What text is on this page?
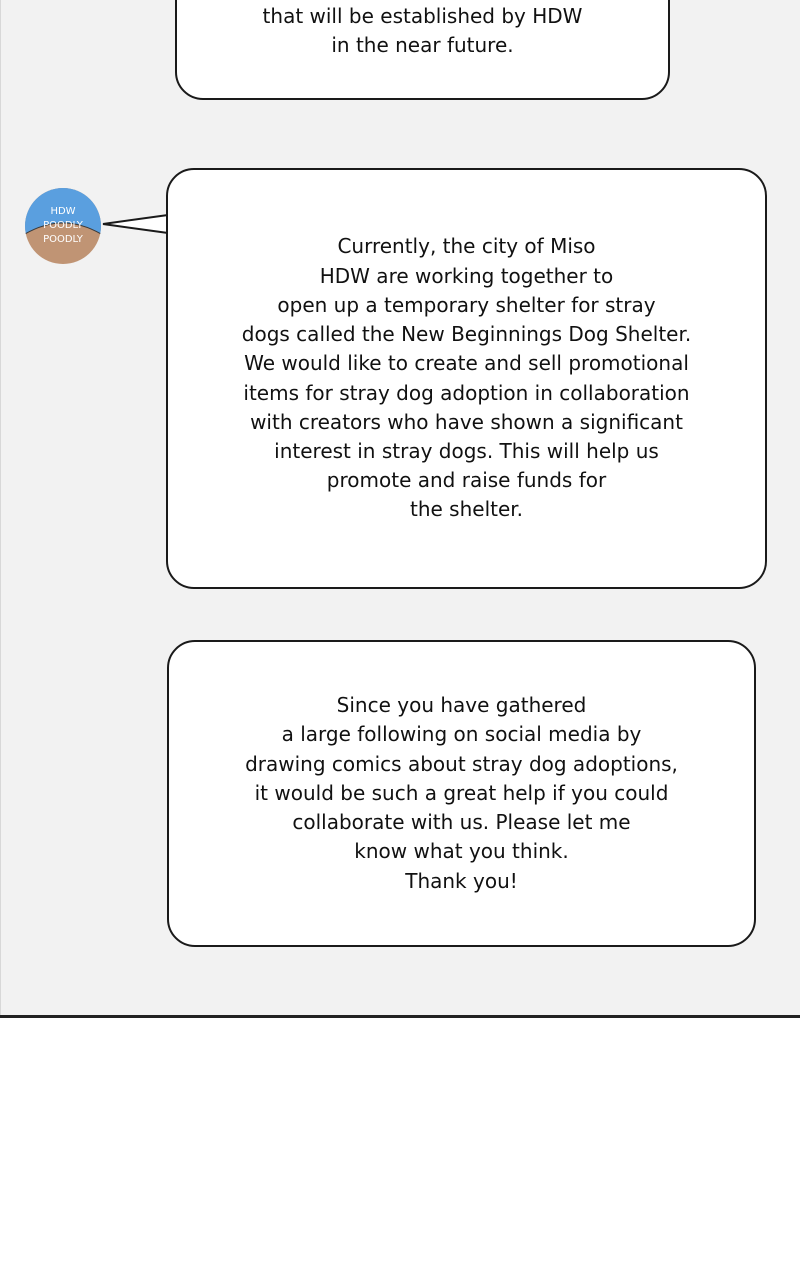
that will be established by HDW
in the near future.
HDW
POODLY
POODLY	Currently, the city of Miso
HDW are working together to
open up a temporary shelter for stray
dogs called the New Beginnings Dog Shelter.
We would like to create and sell promotional
items for stray dog adoption in collaboration
with creators who have shown a significant
interest in stray dogs. This will help us
promote and raise funds for
the shelter.
Since you have gathered
a large following on social media by
drawing comics about stray dog adoptions,
it would be such a great help if you could
collaborate with us. Please let me
know what you think.
Thank you!
